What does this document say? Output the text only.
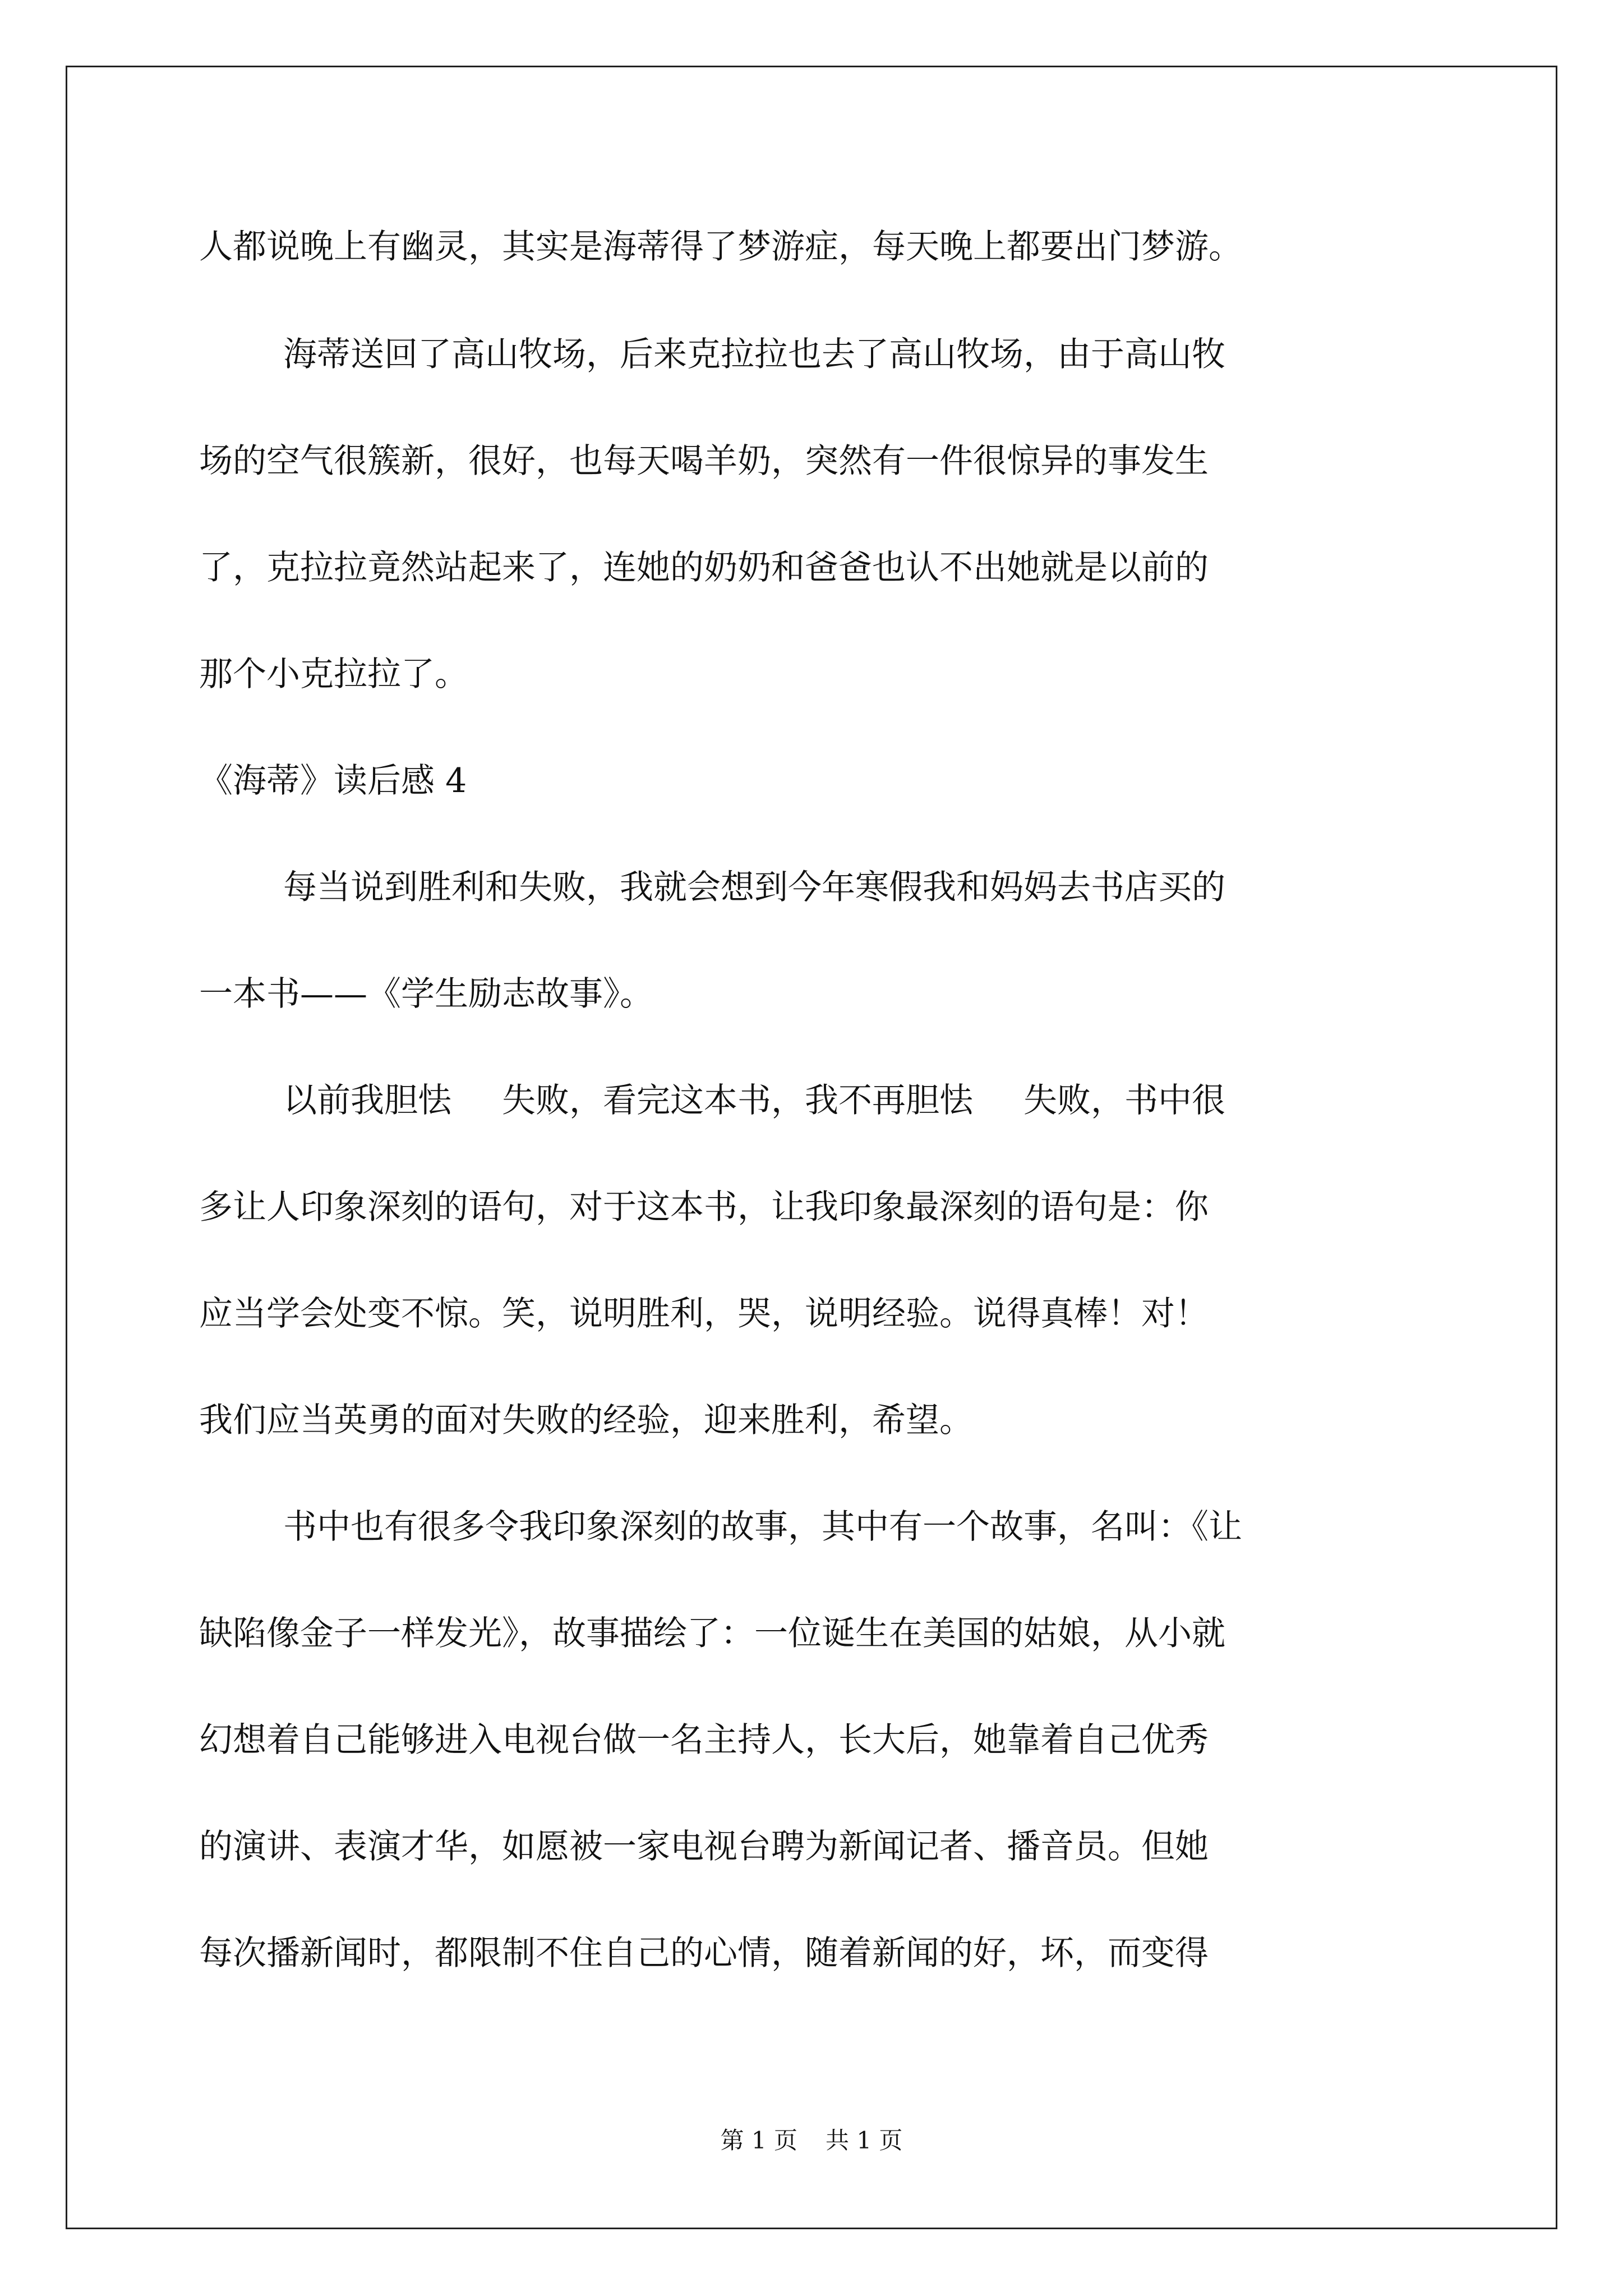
人都说晚上有幽灵，其实是海蒂得了梦游症，每天晚上都要出门梦游。
海蒂送回了高山牧场，后来克拉拉也去了高山牧场，由于高山牧
场的空气很簇新，很好，也每天喝羊奶，突然有一件很惊异的事发生
了，克拉拉竟然站起来了，连她的奶奶和爸爸也认不出她就是以前的
那个小克拉拉了。
《海蒂》读后感 4
每当说到胜利和失败，我就会想到今年寒假我和妈妈去书店买的
一本书——《学生励志故事》。
以前我胆怯 失败，看完这本书，我不再胆怯 失败，书中很
多让人印象深刻的语句，对于这本书，让我印象最深刻的语句是：你
应当学会处变不惊。笑，说明胜利，哭，说明经验。说得真棒！对！
我们应当英勇的面对失败的经验，迎来胜利，希望。
书中也有很多令我印象深刻的故事，其中有一个故事，名叫：《让
缺陷像金子一样发光》，故事描绘了：一位诞生在美国的姑娘，从小就
幻想着自己能够进入电视台做一名主持人，长大后，她靠着自己优秀
的演讲、表演才华，如愿被一家电视台聘为新闻记者、播音员。但她
每次播新闻时，都限制不住自己的心情，随着新闻的好，坏，而变得
第 1 页 共 1 页
